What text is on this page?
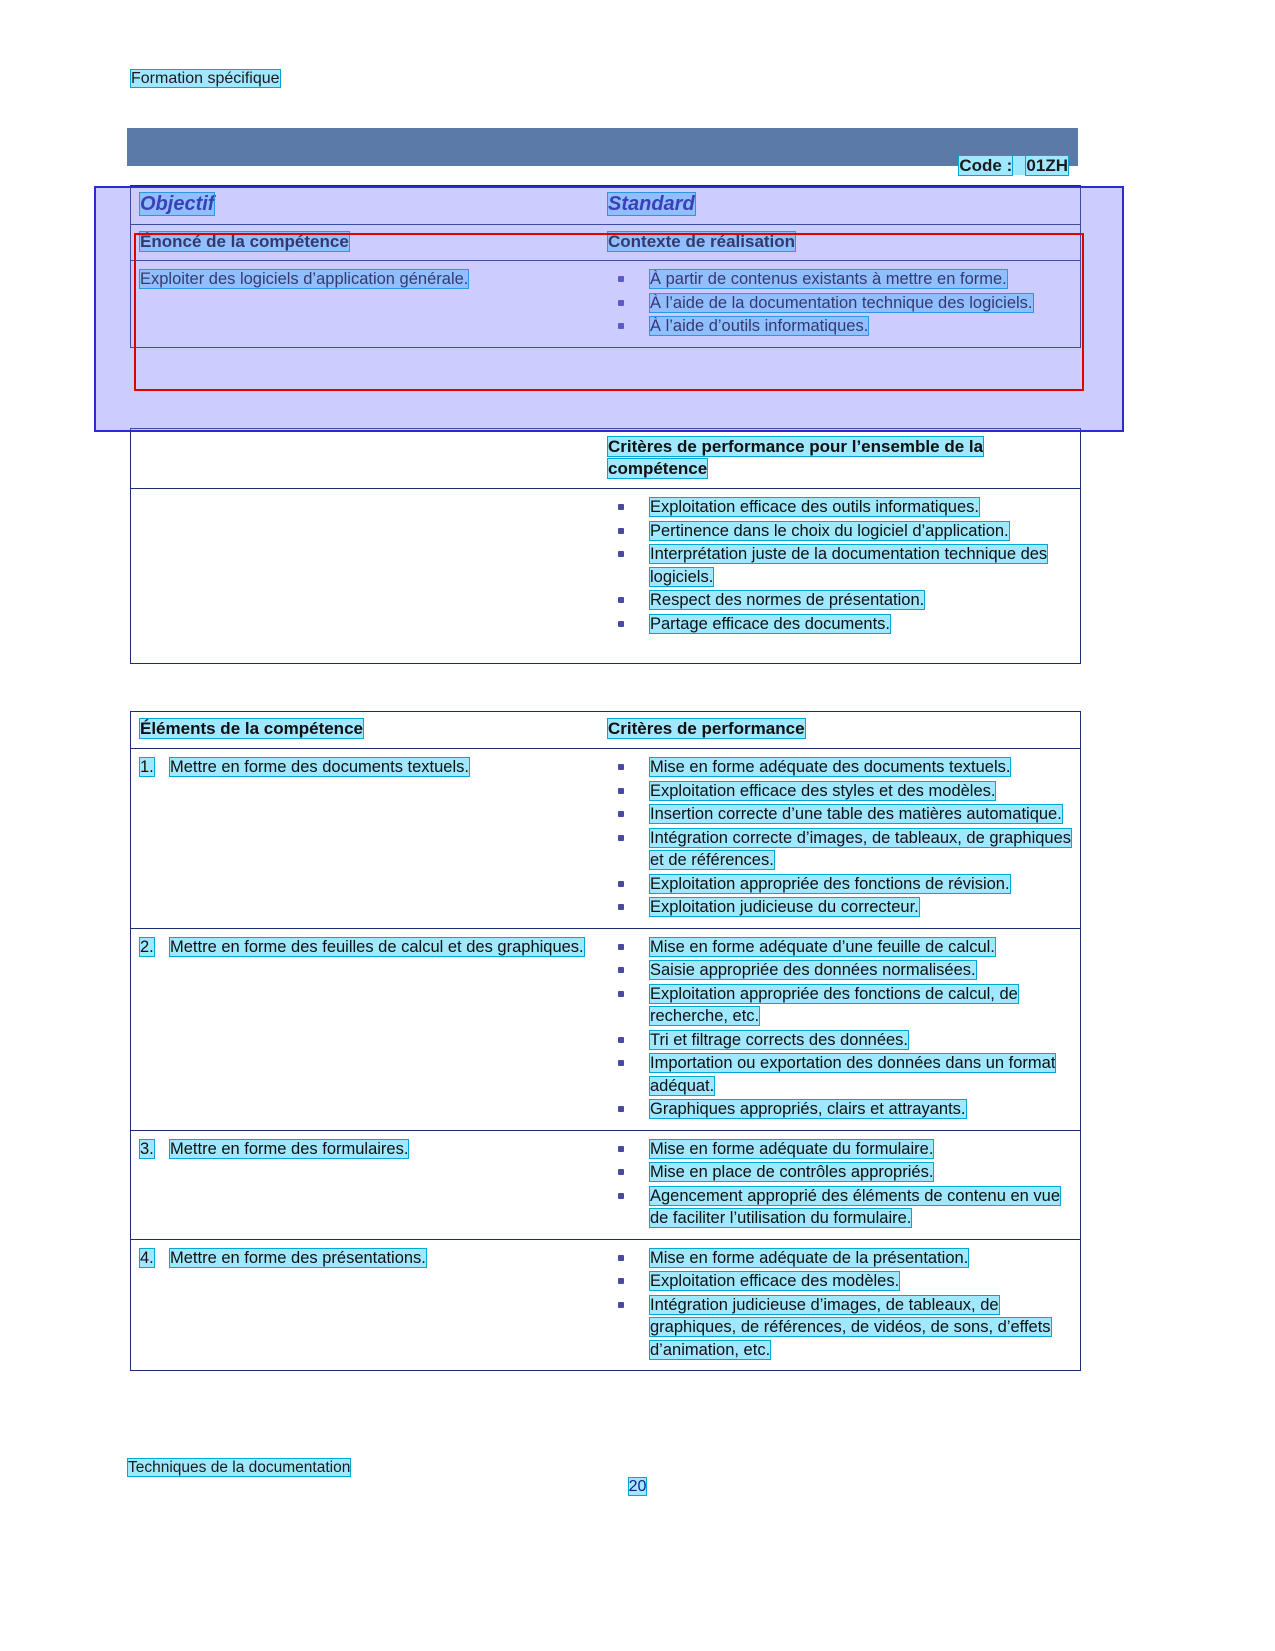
Formation spécifique

Code : 01ZH

Objectif	Standard
Énoncé de la compétence	Contexte de réalisation
Exploiter des logiciels d’application générale.	À partir de contenus existants à mettre en forme.
À l’aide de la documentation technique des logiciels.
À l’aide d’outils informatiques.
Critères de performance pour l’ensemble de la compétence
Exploitation efficace des outils informatiques.
Pertinence dans le choix du logiciel d’application.
Interprétation juste de la documentation technique des logiciels.
Respect des normes de présentation.
Partage efficace des documents.
Éléments de la compétence	Critères de performance
1. Mettre en forme des documents textuels.	Mise en forme adéquate des documents textuels.
Exploitation efficace des styles et des modèles.
Insertion correcte d’une table des matières automatique.
Intégration correcte d’images, de tableaux, de graphiques et de références.
Exploitation appropriée des fonctions de révision.
Exploitation judicieuse du correcteur.
2. Mettre en forme des feuilles de calcul et des graphiques.	Mise en forme adéquate d’une feuille de calcul.
Saisie appropriée des données normalisées.
Exploitation appropriée des fonctions de calcul, de recherche, etc.
Tri et filtrage corrects des données.
Importation ou exportation des données dans un format adéquat.
Graphiques appropriés, clairs et attrayants.
3. Mettre en forme des formulaires.	Mise en forme adéquate du formulaire.
Mise en place de contrôles appropriés.
Agencement approprié des éléments de contenu en vue de faciliter l’utilisation du formulaire.
4. Mettre en forme des présentations.	Mise en forme adéquate de la présentation.
Exploitation efficace des modèles.
Intégration judicieuse d’images, de tableaux, de graphiques, de références, de vidéos, de sons, d’effets d’animation, etc.
Techniques de la documentation
20
